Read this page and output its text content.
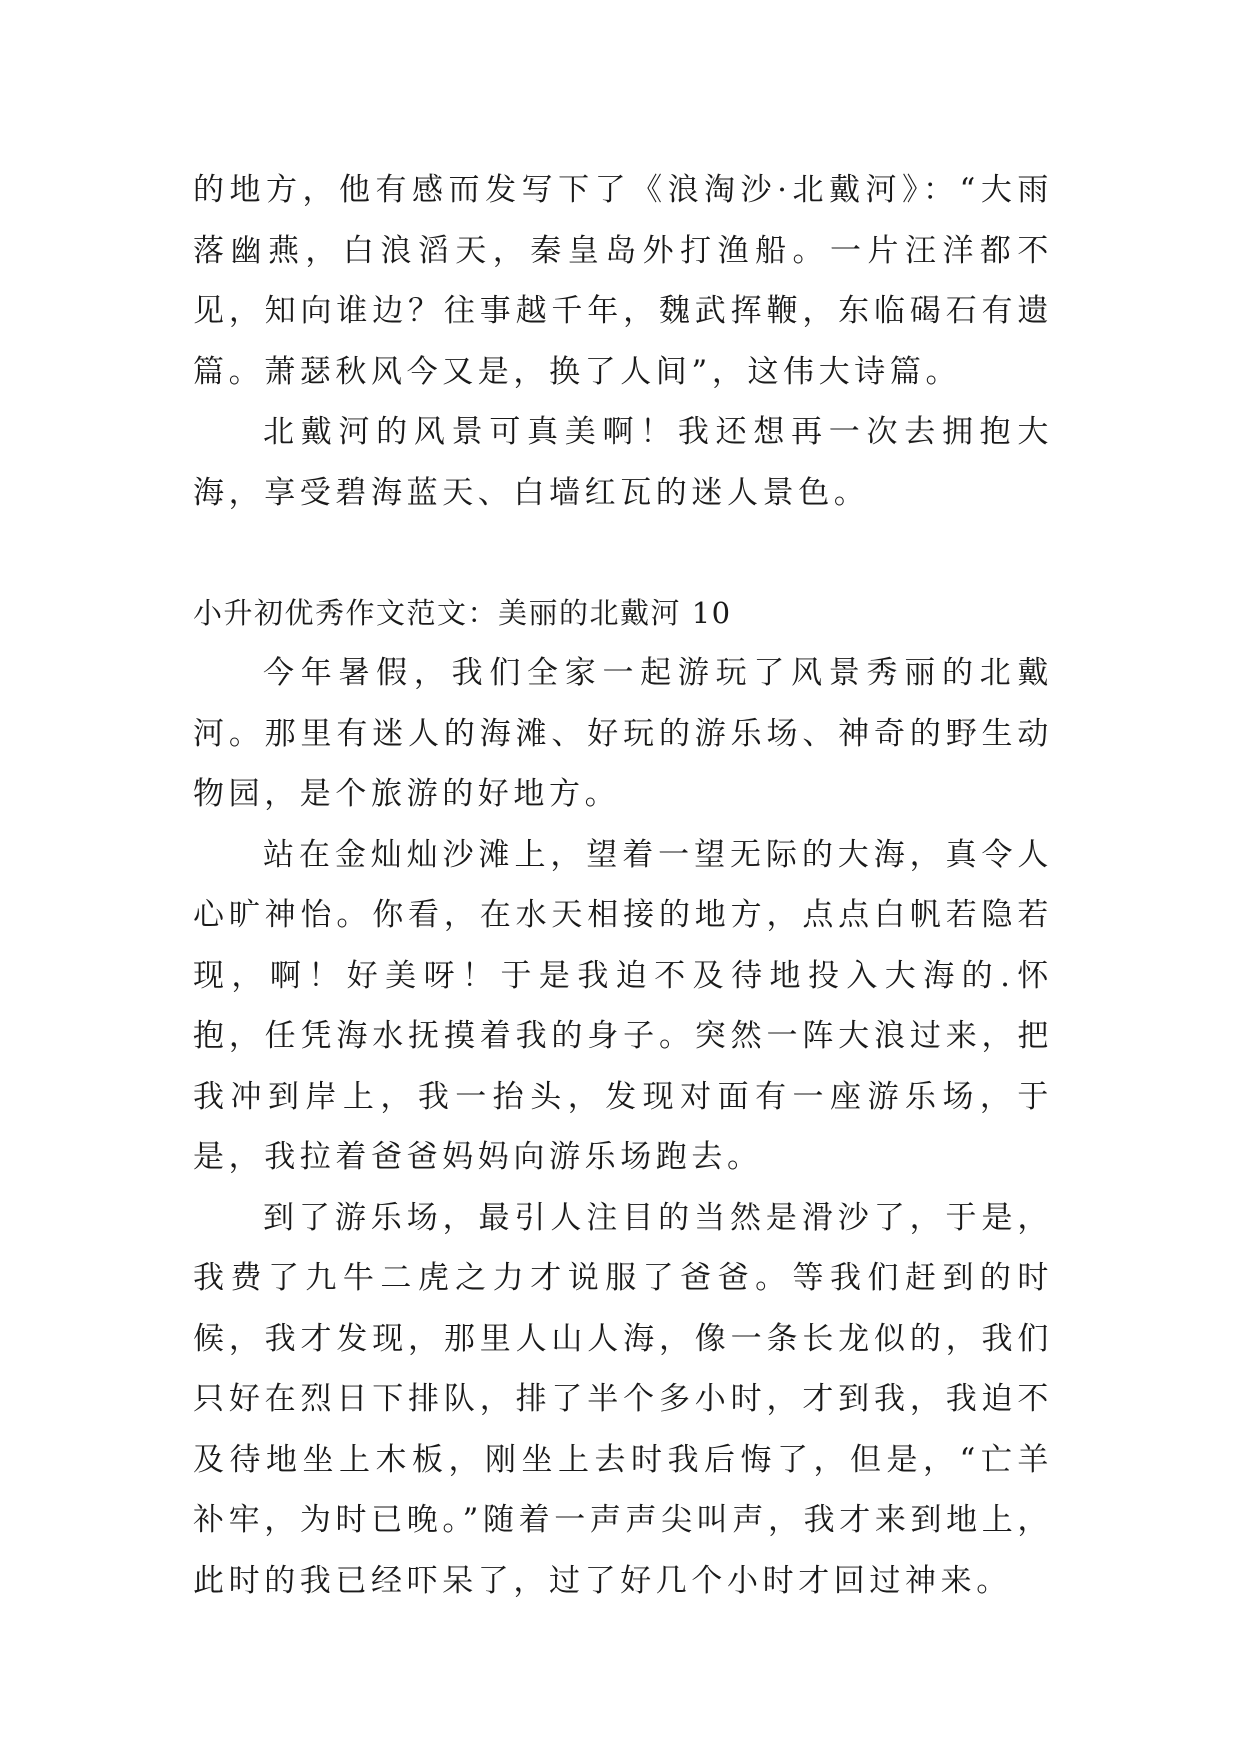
的地方，他有感而发写下了《浪淘沙·北戴河》：“大雨落幽燕，白浪滔天，秦皇岛外打渔船。一片汪洋都不见，知向谁边？往事越千年，魏武挥鞭，东临碣石有遗篇。萧瑟秋风今又是，换了人间”，这伟大诗篇。

北戴河的风景可真美啊！我还想再一次去拥抱大海，享受碧海蓝天、白墙红瓦的迷人景色。

小升初优秀作文范文：美丽的北戴河 10

今年暑假，我们全家一起游玩了风景秀丽的北戴河。那里有迷人的海滩、好玩的游乐场、神奇的野生动物园，是个旅游的好地方。

站在金灿灿沙滩上，望着一望无际的大海，真令人心旷神怡。你看，在水天相接的地方，点点白帆若隐若现，啊！好美呀！于是我迫不及待地投入大海的.怀抱，任凭海水抚摸着我的身子。突然一阵大浪过来，把我冲到岸上，我一抬头，发现对面有一座游乐场，于是，我拉着爸爸妈妈向游乐场跑去。

到了游乐场，最引人注目的当然是滑沙了，于是，我费了九牛二虎之力才说服了爸爸。等我们赶到的时候，我才发现，那里人山人海，像一条长龙似的，我们只好在烈日下排队，排了半个多小时，才到我，我迫不及待地坐上木板，刚坐上去时我后悔了，但是，“亡羊补牢，为时已晚。”随着一声声尖叫声，我才来到地上，此时的我已经吓呆了，过了好几个小时才回过神来。
